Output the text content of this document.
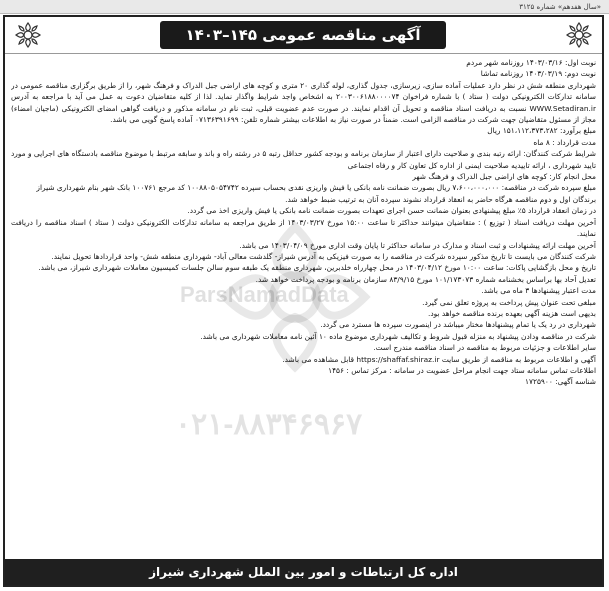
«سال هفدهم» شماره ۳۱۲۵
آگهی مناقصه عمومی ۱۴۵–۱۴۰۳
ParsNamadData
۰۲۱-۸۸۳۴۶۹۶۷

نوبت اول: ۱۴۰۳/۰۳/۱۶ روزنامه شهر مردم

نوبت دوم: ۱۴۰۳/۰۳/۱۹ روزنامه تماشا

شهرداری منطقه شش در نظر دارد عملیات آماده سازی، زیرسازی، جدول گذاری، لوله گذاری ۲۰ متری و کوچه های اراضی جبل الدراک و فرهنگ شهر، را از طریق برگزاری مناقصه عمومی در سامانه تدارکات الکترونیکی دولت ( ستاد ) با شماره فراخوان ۲۰۰۳۰۰۶۱۸۸۰۰۰۰۷۴ به اشخاص واجد شرایط واگذار نماید. لذا از کلیه متقاضیان دعوت به عمل می آید با مراجعه به آدرس WWW.Setadiran.ir نسبت به دریافت اسناد مناقصه و تحویل آن اقدام نمایند. در صورت عدم عضویت قبلی، ثبت نام در سامانه مذکور و دریافت گواهی امضای الکترونیکی (ماجیان امضاء) مجاز از مسئول متقاضیان جهت شرکت در مناقصه الزامی است. ضمناً در صورت نیاز به اطلاعات بیشتر شماره تلفن: ۰۷۱۳۶۳۹۱۶۹۹ آماده پاسخ گویی می باشد.

مبلغ برآورد: ۱۵۱،۱۱۲،۳۷۳،۲۸۲ ریال

مدت قرارداد : ۸ ماه

شرایط شرکت کنندگان: ارائه رتبه بندی و صلاحیت دارای اعتبار از سازمان برنامه و بودجه کشور حداقل رتبه ۵ در رشته راه و باند و سابقه مرتبط با موضوع مناقصه بادستگاه های اجرایی و مورد تایید شهرداری ، ارائه تاییدیه صلاحیت ایمنی از اداره کل تعاون کار و رفاه اجتماعی

محل انجام کار: کوچه های اراضی جبل الدراک و فرهنگ شهر

مبلغ سپرده شرکت در مناقصه: ۷،۶۰۰،۰۰۰،۰۰۰ ریال بصورت ضمانت نامه بانکی یا فیش واریزی نقدی بحساب سپرده ۱۰۰۸۸۰۵۰۵۴۷۴۲ کد مرجع ۱۰۰۷۶۱ بانک شهر بنام شهرداری شیراز

برندگان اول و دوم مناقصه هرگاه حاضر به انعقاد قرارداد نشوند سپرده آنان به ترتیب ضبط خواهد شد.

در زمان انعقاد قرارداد ۵٪ مبلغ پیشنهادی بعنوان ضمانت حسن اجرای تعهدات بصورت ضمانت نامه بانکی یا فیش واریزی اخذ می گردد.

آخرین مهلت دریافت اسناد ( توزیع ) : متقاضیان میتوانند حداکثر تا ساعت ۱۵:۰۰ مورخ ۱۴۰۳/۰۳/۲۷ از طریق مراجعه به سامانه تدارکات الکترونیکی دولت ( ستاد ) اسناد مناقصه را دریافت نمایند.

آخرین مهلت ارائه پیشنهادات و ثبت اسناد و مدارک در سامانه حداکثر تا پایان وقت اداری مورخ ۱۴۰۳/۰۴/۰۹ می باشد.

شرکت کنندگان می بایست تا تاریخ مذکور سپرده شرکت در مناقصه را به صورت فیزیکی به آدرس شیراز- گلدشت معالی آباد- شهرداری منطقه شش- واحد قراردادها تحویل نمایند.

تاریخ و محل بازگشایی پاکات: ساعت ۱۰:۰۰ مورخ ۱۴۰۳/۰۴/۱۲ در محل چهارراه خلدبرین، شهرداری منطقه یک طبقه سوم سالن جلسات کمیسیون معاملات شهرداری شیراز، می باشد.

تعدیل آحاد بها براساس بخشنامه شماره ۱۰۱/۱۷۳۰۷۳ مورخ ۸۳/۹/۱۵ سازمان برنامه و بودجه پرداخت خواهد شد.

مدت اعتبار پیشنهادها ۳ ماه می باشد.

مبلغی تحت عنوان پیش پرداخت به پروژه تعلق نمی گیرد.

بدیهی است هزینه آگهی بعهده برنده مناقصه خواهد بود.

شهرداری در رد یک یا تمام پیشنهادها مختار میباشد در اینصورت سپرده ها مسترد می گردد.

شرکت در مناقصه ودادن پیشنهاد به منزله قبول شروط و تکالیف شهرداری موضوع ماده ۱۰ آئین نامه معاملات شهرداری می باشد.

سایر اطلاعات و جزئیات مربوط به مناقصه در اسناد مناقصه مندرج است.

آگهی و اطلاعات مربوط به مناقصه از طریق سایت https://shaffaf.shiraz.ir قابل مشاهده می باشد.

اطلاعات تماس سامانه ستاد جهت انجام مراحل عضویت در سامانه : مرکز تماس : ۱۴۵۶

شناسه آگهی: ۱۷۲۵۹۰۰

اداره کل ارتباطات و امور بین الملل شهرداری شیراز
